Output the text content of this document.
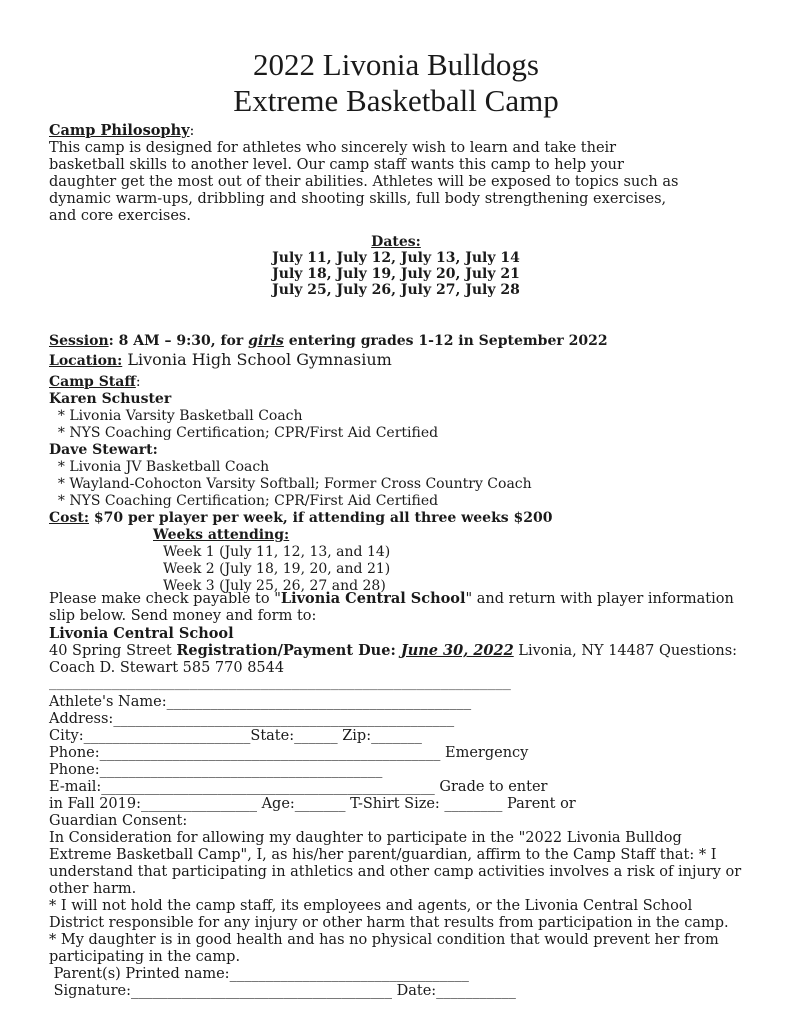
2022 Livonia Bulldogs
Extreme Basketball Camp
Camp Philosophy:
This camp is designed for athletes who sincerely wish to learn and take their
basketball skills to another level. Our camp staff wants this camp to help your
daughter get the most out of their abilities. Athletes will be exposed to topics such as
dynamic warm-ups, dribbling and shooting skills, full body strengthening exercises,
and core exercises.
Dates:
July 11, July 12, July 13, July 14
July 18, July 19, July 20, July 21
July 25, July 26, July 27, July 28
Session: 8 AM – 9:30, for girls entering grades 1-12 in September 2022
Location: Livonia High School Gymnasium
Camp Staff:
Karen Schuster
* Livonia Varsity Basketball Coach
* NYS Coaching Certification; CPR/First Aid Certified
Dave Stewart:
* Livonia JV Basketball Coach
* Wayland-Cohocton Varsity Softball; Former Cross Country Coach
* NYS Coaching Certification; CPR/First Aid Certified
Cost: $70 per player per week, if attending all three weeks $200
Weeks attending:
Week 1 (July 11, 12, 13, and 14)
Week 2 (July 18, 19, 20, and 21)
Week 3 (July 25, 26, 27 and 28)
Please make check payable to "Livonia Central School" and return with player information
slip below. Send money and form to:
Livonia Central School
40 Spring Street Registration/Payment Due: June 30, 2022 Livonia, NY 14487 Questions:
Coach D. Stewart 585 770 8544
___________________________________________________________
Athlete's Name:__________________________________________
Address:_______________________________________________
City:_______________________State:______ Zip:_______
Phone:_______________________________________________ Emergency
Phone:_______________________________________
E-mail:______________________________________________ Grade to enter
in Fall 2019:________________ Age:_______ T-Shirt Size: ________ Parent or
Guardian Consent:
In Consideration for allowing my daughter to participate in the "2022 Livonia Bulldog
Extreme Basketball Camp", I, as his/her parent/guardian, affirm to the Camp Staff that: * I
understand that participating in athletics and other camp activities involves a risk of injury or
other harm.
* I will not hold the camp staff, its employees and agents, or the Livonia Central School
District responsible for any injury or other harm that results from participation in the camp.
* My daughter is in good health and has no physical condition that would prevent her from
participating in the camp.
Parent(s) Printed name:_________________________________
Signature:____________________________________ Date:___________
